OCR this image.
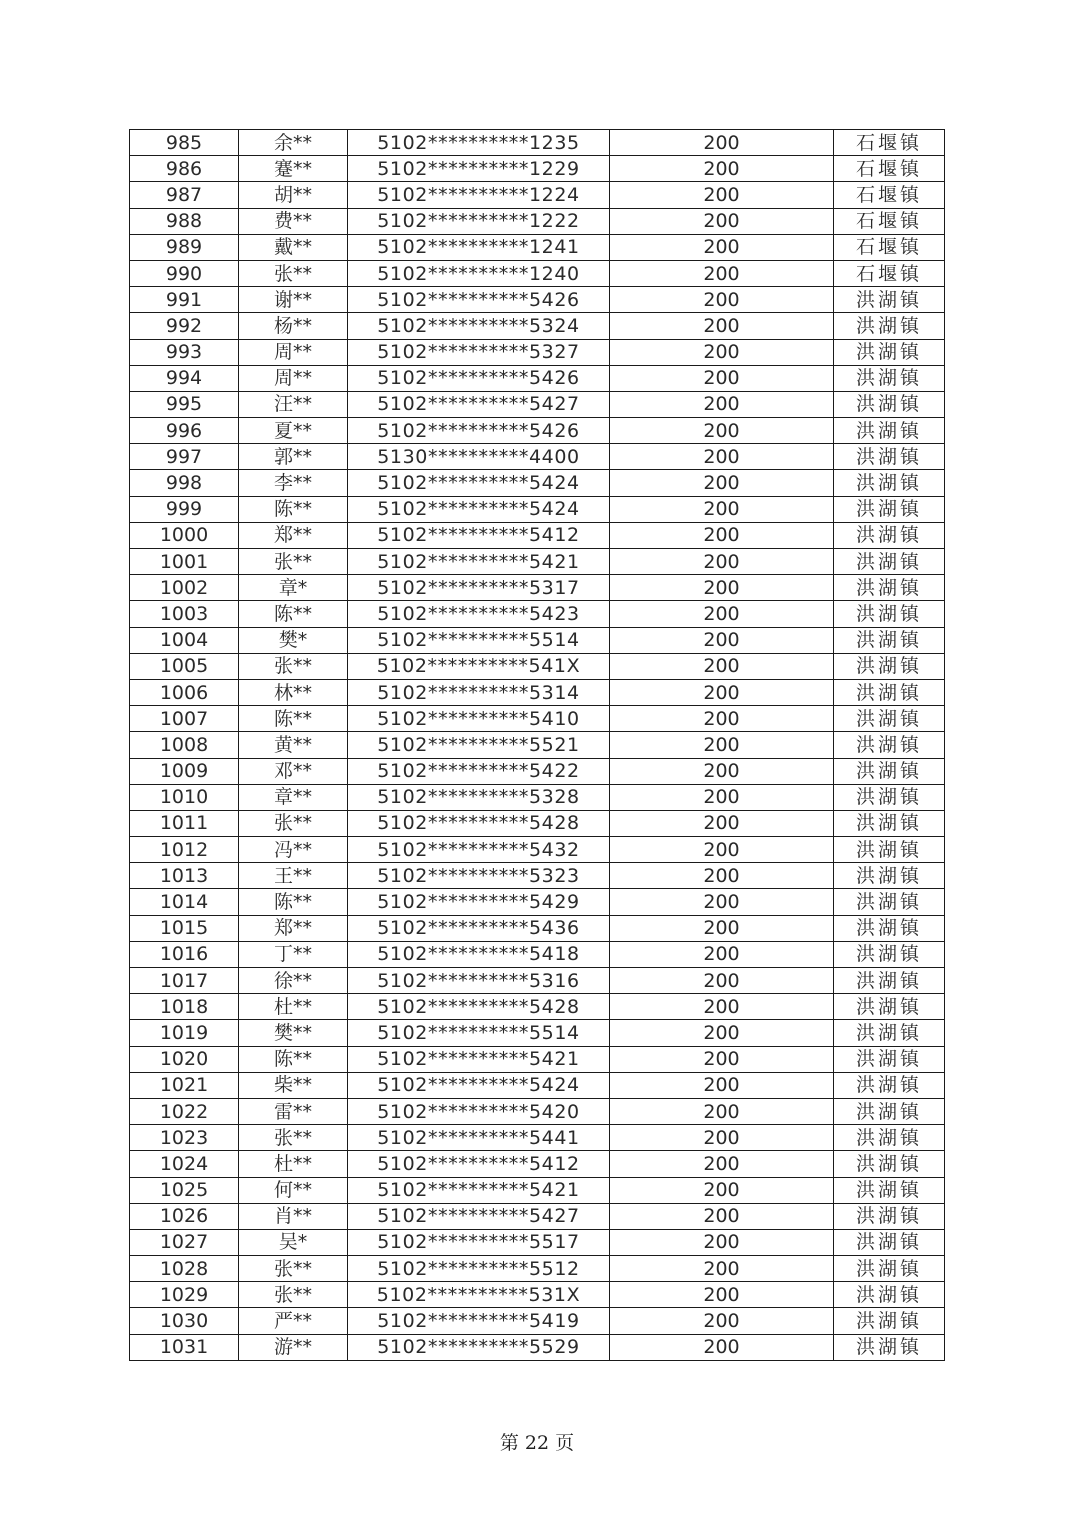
985	余**	5102**********1235	200	石堰镇
986	蹇**	5102**********1229	200	石堰镇
987	胡**	5102**********1224	200	石堰镇
988	费**	5102**********1222	200	石堰镇
989	戴**	5102**********1241	200	石堰镇
990	张**	5102**********1240	200	石堰镇
991	谢**	5102**********5426	200	洪湖镇
992	杨**	5102**********5324	200	洪湖镇
993	周**	5102**********5327	200	洪湖镇
994	周**	5102**********5426	200	洪湖镇
995	汪**	5102**********5427	200	洪湖镇
996	夏**	5102**********5426	200	洪湖镇
997	郭**	5130**********4400	200	洪湖镇
998	李**	5102**********5424	200	洪湖镇
999	陈**	5102**********5424	200	洪湖镇
1000	郑**	5102**********5412	200	洪湖镇
1001	张**	5102**********5421	200	洪湖镇
1002	章*	5102**********5317	200	洪湖镇
1003	陈**	5102**********5423	200	洪湖镇
1004	樊*	5102**********5514	200	洪湖镇
1005	张**	5102**********541X	200	洪湖镇
1006	林**	5102**********5314	200	洪湖镇
1007	陈**	5102**********5410	200	洪湖镇
1008	黄**	5102**********5521	200	洪湖镇
1009	邓**	5102**********5422	200	洪湖镇
1010	章**	5102**********5328	200	洪湖镇
1011	张**	5102**********5428	200	洪湖镇
1012	冯**	5102**********5432	200	洪湖镇
1013	王**	5102**********5323	200	洪湖镇
1014	陈**	5102**********5429	200	洪湖镇
1015	郑**	5102**********5436	200	洪湖镇
1016	丁**	5102**********5418	200	洪湖镇
1017	徐**	5102**********5316	200	洪湖镇
1018	杜**	5102**********5428	200	洪湖镇
1019	樊**	5102**********5514	200	洪湖镇
1020	陈**	5102**********5421	200	洪湖镇
1021	柴**	5102**********5424	200	洪湖镇
1022	雷**	5102**********5420	200	洪湖镇
1023	张**	5102**********5441	200	洪湖镇
1024	杜**	5102**********5412	200	洪湖镇
1025	何**	5102**********5421	200	洪湖镇
1026	肖**	5102**********5427	200	洪湖镇
1027	吴*	5102**********5517	200	洪湖镇
1028	张**	5102**********5512	200	洪湖镇
1029	张**	5102**********531X	200	洪湖镇
1030	严**	5102**********5419	200	洪湖镇
1031	游**	5102**********5529	200	洪湖镇
第 22 页
